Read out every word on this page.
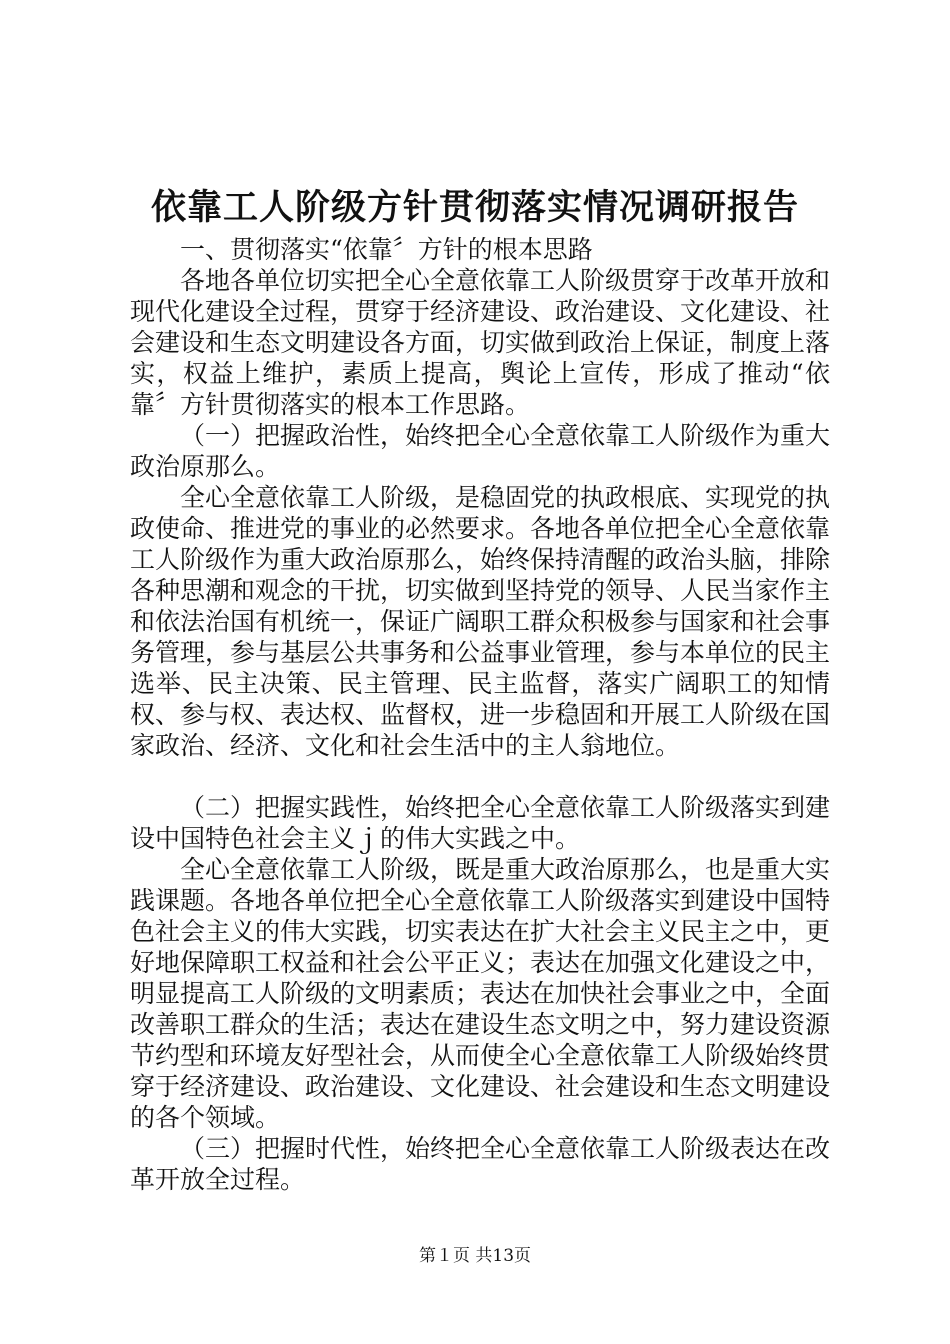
依靠工人阶级方针贯彻落实情况调研报告

一、贯彻落实“依靠〞方针的根本思路

各地各单位切实把全心全意依靠工人阶级贯穿于改革开放和现代化建设全过程，贯穿于经济建设、政治建设、文化建设、社会建设和生态文明建设各方面，切实做到政治上保证，制度上落实，权益上维护，素质上提高，舆论上宣传，形成了推动“依靠〞方针贯彻落实的根本工作思路。

（一）把握政治性，始终把全心全意依靠工人阶级作为重大政治原那么。

全心全意依靠工人阶级，是稳固党的执政根底、实现党的执政使命、推进党的事业的必然要求。各地各单位把全心全意依靠工人阶级作为重大政治原那么，始终保持清醒的政治头脑，排除各种思潮和观念的干扰，切实做到坚持党的领导、人民当家作主和依法治国有机统一，保证广阔职工群众积极参与国家和社会事务管理，参与基层公共事务和公益事业管理，参与本单位的民主选举、民主决策、民主管理、民主监督，落实广阔职工的知情权、参与权、表达权、监督权，进一步稳固和开展工人阶级在国家政治、经济、文化和社会生活中的主人翁地位。

（二）把握实践性，始终把全心全意依靠工人阶级落实到建设中国特色社会主义ｊ的伟大实践之中。

全心全意依靠工人阶级，既是重大政治原那么，也是重大实践课题。各地各单位把全心全意依靠工人阶级落实到建设中国特色社会主义的伟大实践，切实表达在扩大社会主义民主之中，更好地保障职工权益和社会公平正义；表达在加强文化建设之中，明显提高工人阶级的文明素质；表达在加快社会事业之中，全面改善职工群众的生活；表达在建设生态文明之中，努力建设资源节约型和环境友好型社会，从而使全心全意依靠工人阶级始终贯穿于经济建设、政治建设、文化建设、社会建设和生态文明建设的各个领域。

（三）把握时代性，始终把全心全意依靠工人阶级表达在改革开放全过程。

第１页 共13页
